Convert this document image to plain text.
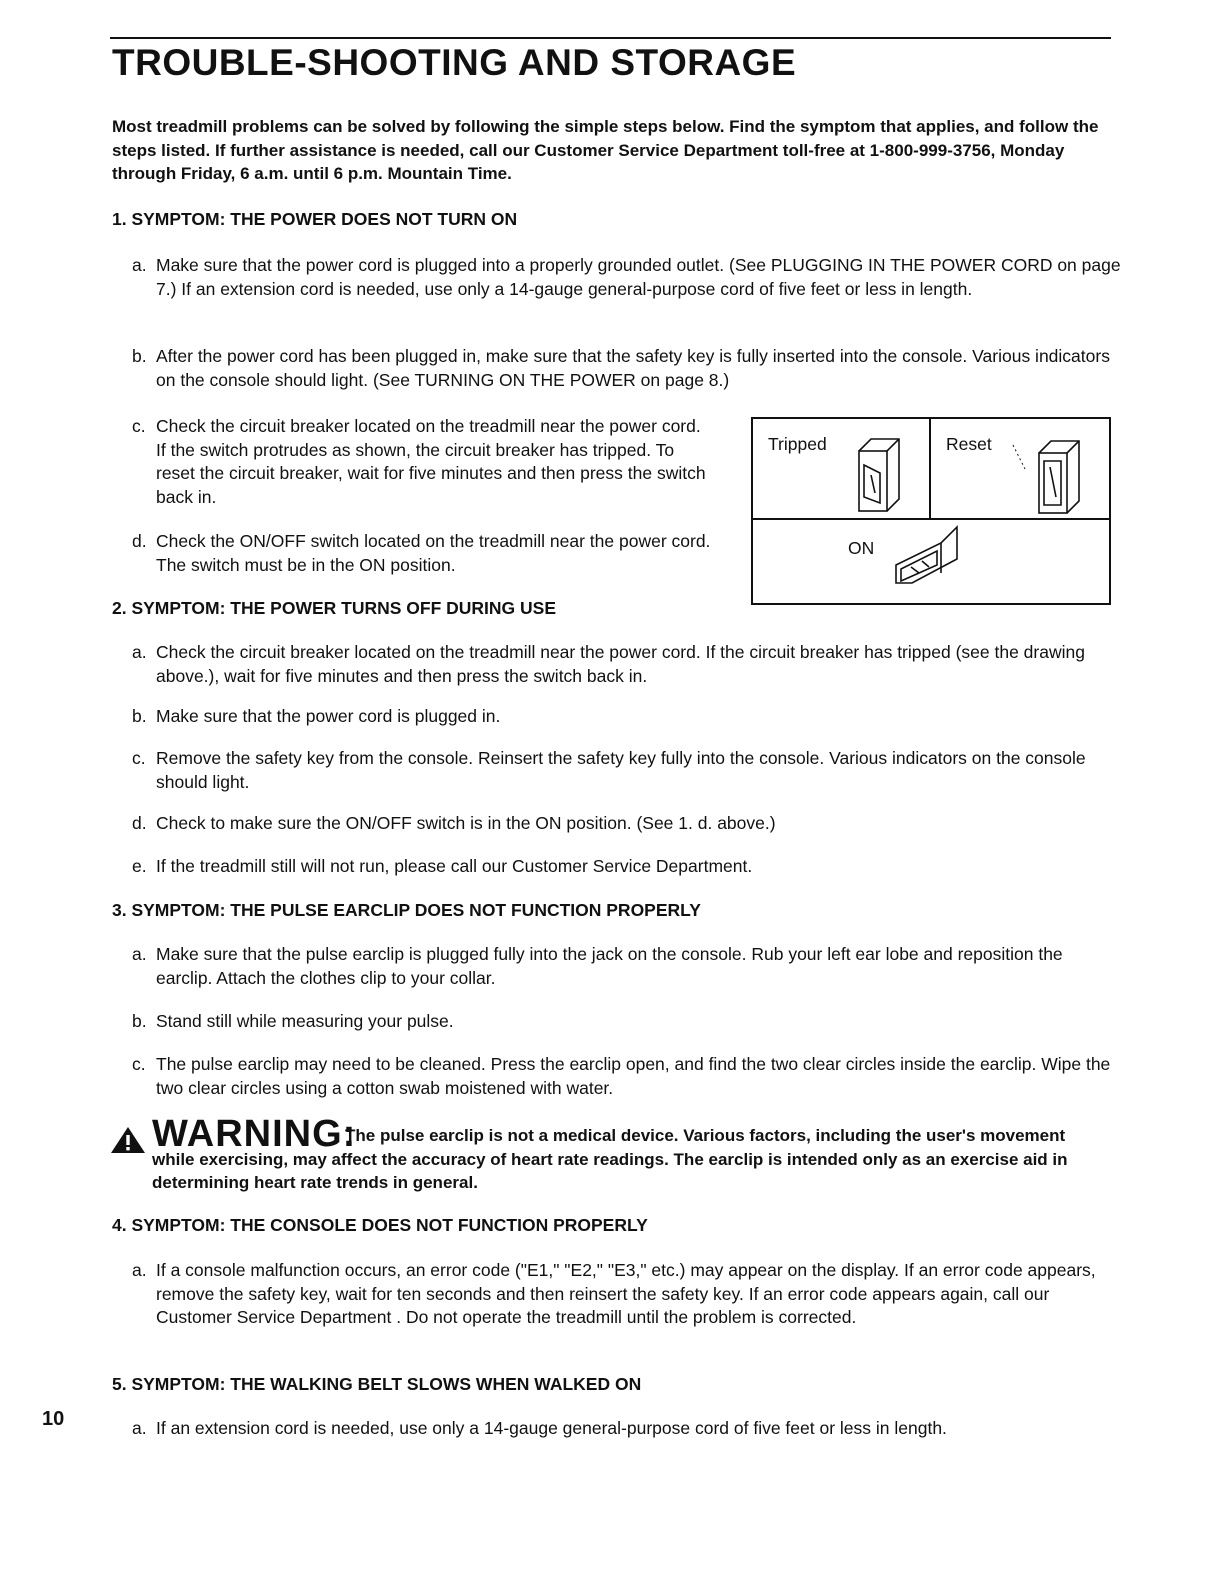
TROUBLE-SHOOTING AND STORAGE
Most treadmill problems can be solved by following the simple steps below. Find the symptom that applies, and follow the steps listed. If further assistance is needed, call our Customer Service Department toll-free at 1-800-999-3756, Monday through Friday, 6 a.m. until 6 p.m. Mountain Time.
1. SYMPTOM: THE POWER DOES NOT TURN ON
a. Make sure that the power cord is plugged into a properly grounded outlet. (See PLUGGING IN THE POWER CORD on page 7.) If an extension cord is needed, use only a 14-gauge general-purpose cord of five feet or less in length.
b. After the power cord has been plugged in, make sure that the safety key is fully inserted into the console. Various indicators on the console should light. (See TURNING ON THE POWER on page 8.)
c. Check the circuit breaker located on the treadmill near the power cord. If the switch protrudes as shown, the circuit breaker has tripped. To reset the circuit breaker, wait for five minutes and then press the switch back in.
d. Check the ON/OFF switch located on the treadmill near the power cord. The switch must be in the ON position.
Tripped	Reset
ON
2. SYMPTOM: THE POWER TURNS OFF DURING USE
a. Check the circuit breaker located on the treadmill near the power cord. If the circuit breaker has tripped (see the drawing above.), wait for five minutes and then press the switch back in.
b. Make sure that the power cord is plugged in.
c. Remove the safety key from the console. Reinsert the safety key fully into the console. Various indicators on the console should light.
d. Check to make sure the ON/OFF switch is in the ON position. (See 1. d. above.)
e. If the treadmill still will not run, please call our Customer Service Department.
3. SYMPTOM: THE PULSE EARCLIP DOES NOT FUNCTION PROPERLY
a. Make sure that the pulse earclip is plugged fully into the jack on the console. Rub your left ear lobe and reposition the earclip. Attach the clothes clip to your collar.
b. Stand still while measuring your pulse.
c. The pulse earclip may need to be cleaned. Press the earclip open, and find the two clear circles inside the earclip. Wipe the two clear circles using a cotton swab moistened with water.
WARNING:
The pulse earclip is not a medical device. Various factors, including the user's movement while exercising, may affect the accuracy of heart rate readings. The earclip is intended only as an exercise aid in determining heart rate trends in general.
4. SYMPTOM: THE CONSOLE DOES NOT FUNCTION PROPERLY
a. If a console malfunction occurs, an error code ("E1," "E2," "E3," etc.) may appear on the display. If an error code appears, remove the safety key, wait for ten seconds and then reinsert the safety key. If an error code appears again, call our Customer Service Department . Do not operate the treadmill until the problem is corrected.
5. SYMPTOM: THE WALKING BELT SLOWS WHEN WALKED ON
a. If an extension cord is needed, use only a 14-gauge general-purpose cord of five feet or less in length.
10
